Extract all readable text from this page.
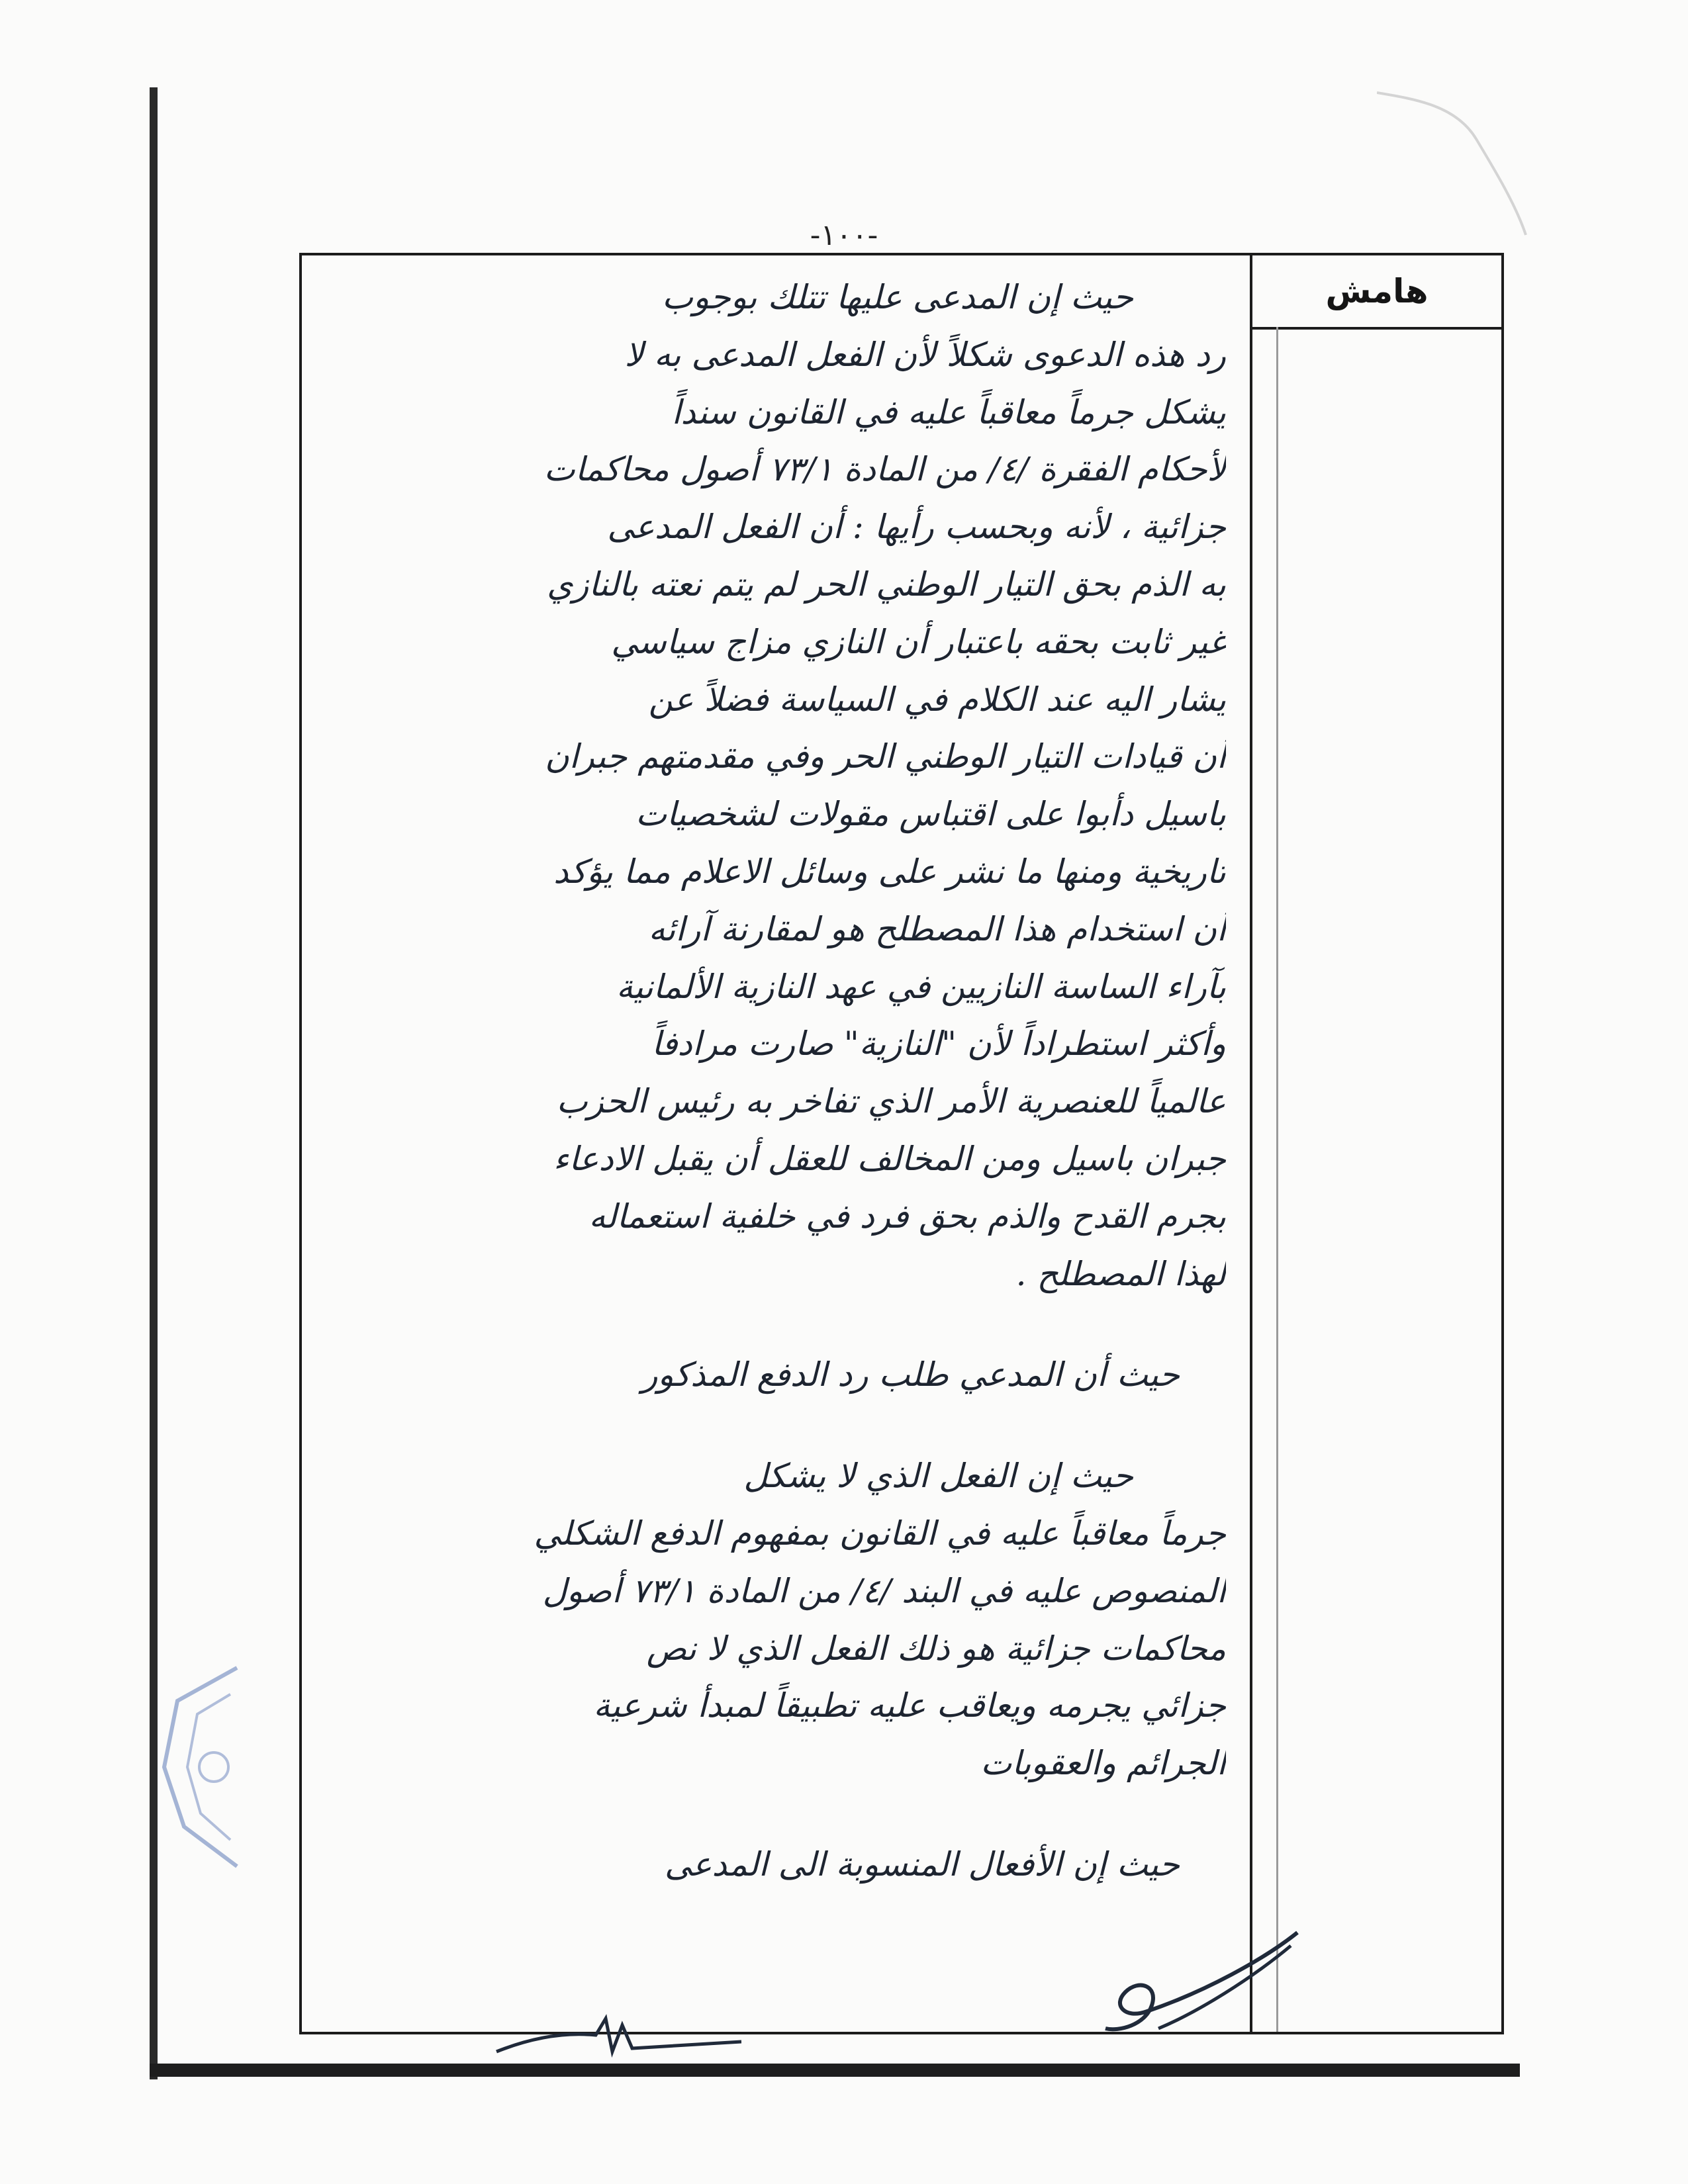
-١٠٠-
هامش
حيث إن المدعى عليها تتلك بوجوب
رد هذه الدعوى شكلاً لأن الفعل المدعى به لا
يشكل جرماً معاقباً عليه في القانون سنداً
لأحكام الفقرة /٤/ من المادة ٧٣/١ أصول محاكمات
جزائية ، لأنه وبحسب رأيها : أن الفعل المدعى
به الذم بحق التيار الوطني الحر لم يتم نعته بالنازي
غير ثابت بحقه باعتبار أن النازي مزاج سياسي
يشار اليه عند الكلام في السياسة فضلاً عن
أن قيادات التيار الوطني الحر وفي مقدمتهم جبران
باسيل دأبوا على اقتباس مقولات لشخصيات
تاريخية ومنها ما نشر على وسائل الاعلام مما يؤكد
أن استخدام هذا المصطلح هو لمقارنة آرائه
بآراء الساسة النازيين في عهد النازية الألمانية
وأكثر استطراداً لأن "النازية" صارت مرادفاً
عالمياً للعنصرية الأمر الذي تفاخر به رئيس الحزب
جبران باسيل ومن المخالف للعقل أن يقبل الادعاء
بجرم القدح والذم بحق فرد في خلفية استعماله
لهذا المصطلح .
حيث أن المدعي طلب رد الدفع المذكور
حيث إن الفعل الذي لا يشكل
جرماً معاقباً عليه في القانون بمفهوم الدفع الشكلي
المنصوص عليه في البند /٤/ من المادة ٧٣/١ أصول
محاكمات جزائية هو ذلك الفعل الذي لا نص
جزائي يجرمه ويعاقب عليه تطبيقاً لمبدأ شرعية
الجرائم والعقوبات
حيث إن الأفعال المنسوبة الى المدعى
